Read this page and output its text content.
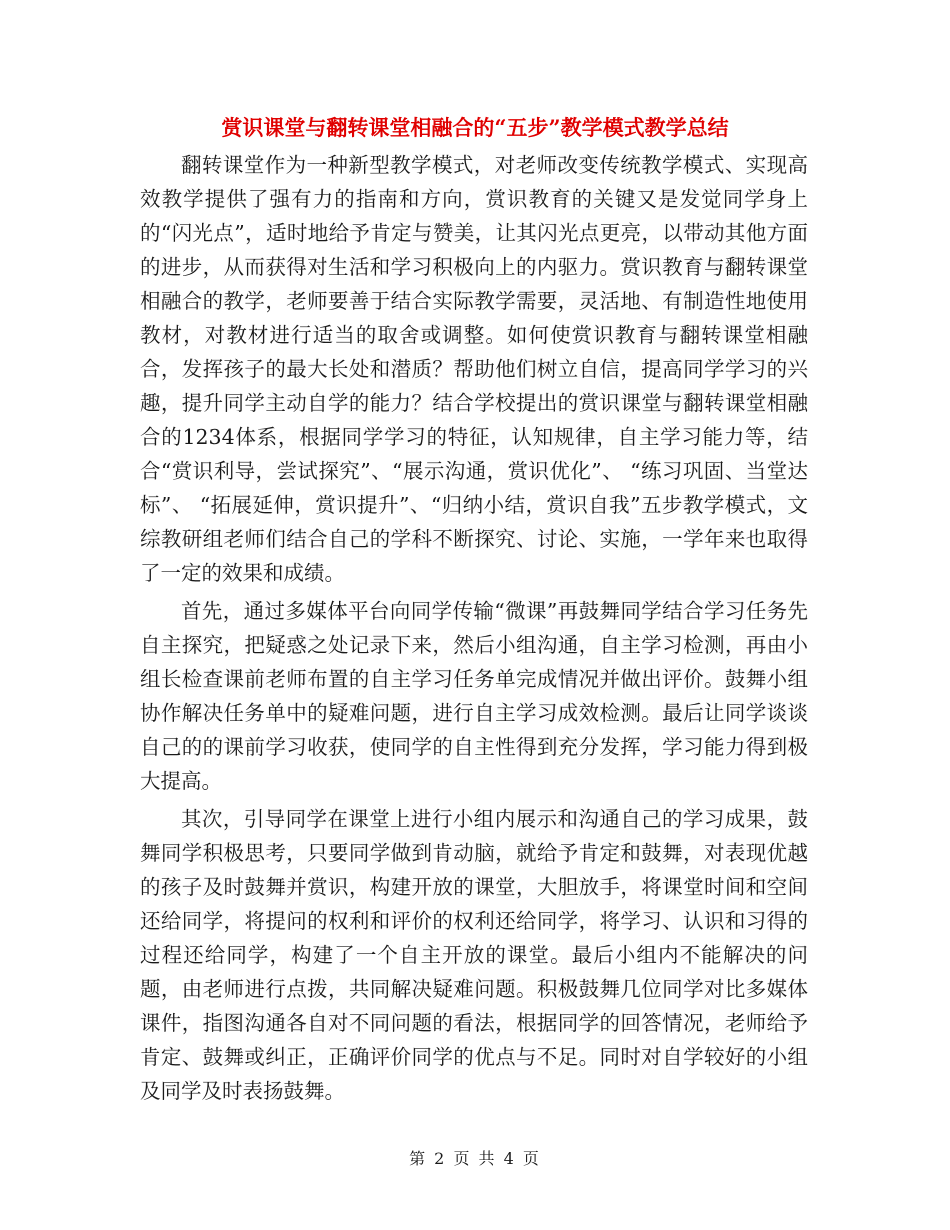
赏识课堂与翻转课堂相融合的“五步”教学模式教学总结

翻转课堂作为一种新型教学模式，对老师改变传统教学模式、实现高效教学提供了强有力的指南和方向，赏识教育的关键又是发觉同学身上的“闪光点”，适时地给予肯定与赞美，让其闪光点更亮，以带动其他方面的进步，从而获得对生活和学习积极向上的内驱力。赏识教育与翻转课堂相融合的教学，老师要善于结合实际教学需要，灵活地、有制造性地使用教材，对教材进行适当的取舍或调整。如何使赏识教育与翻转课堂相融合，发挥孩子的最大长处和潜质？帮助他们树立自信，提高同学学习的兴趣，提升同学主动自学的能力？结合学校提出的赏识课堂与翻转课堂相融合的1234体系，根据同学学习的特征，认知规律，自主学习能力等，结合“赏识利导，尝试探究”、“展示沟通，赏识优化”、 “练习巩固、当堂达标”、 “拓展延伸，赏识提升”、“归纳小结，赏识自我”五步教学模式，文综教研组老师们结合自己的学科不断探究、讨论、实施，一学年来也取得了一定的效果和成绩。

首先，通过多媒体平台向同学传输“微课”再鼓舞同学结合学习任务先自主探究，把疑惑之处记录下来，然后小组沟通，自主学习检测，再由小组长检查课前老师布置的自主学习任务单完成情况并做出评价。鼓舞小组协作解决任务单中的疑难问题，进行自主学习成效检测。最后让同学谈谈自己的的课前学习收获，使同学的自主性得到充分发挥，学习能力得到极大提高。

其次，引导同学在课堂上进行小组内展示和沟通自己的学习成果，鼓舞同学积极思考，只要同学做到肯动脑，就给予肯定和鼓舞，对表现优越的孩子及时鼓舞并赏识，构建开放的课堂，大胆放手，将课堂时间和空间还给同学，将提问的权利和评价的权利还给同学，将学习、认识和习得的过程还给同学，构建了一个自主开放的课堂。最后小组内不能解决的问题，由老师进行点拨，共同解决疑难问题。积极鼓舞几位同学对比多媒体课件，指图沟通各自对不同问题的看法，根据同学的回答情况，老师给予肯定、鼓舞或纠正，正确评价同学的优点与不足。同时对自学较好的小组及同学及时表扬鼓舞。

第 2 页 共 4 页
